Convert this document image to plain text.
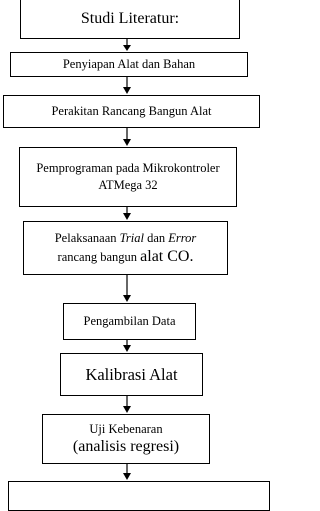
Studi Literatur:
Penyiapan Alat dan Bahan
Perakitan Rancang Bangun Alat
Pemprograman pada Mikrokontroler
ATMega 32
Pelaksanaan Trial dan Error
rancang bangun alat CO.
Pengambilan Data
Kalibrasi Alat
Uji Kebenaran
(analisis regresi)
